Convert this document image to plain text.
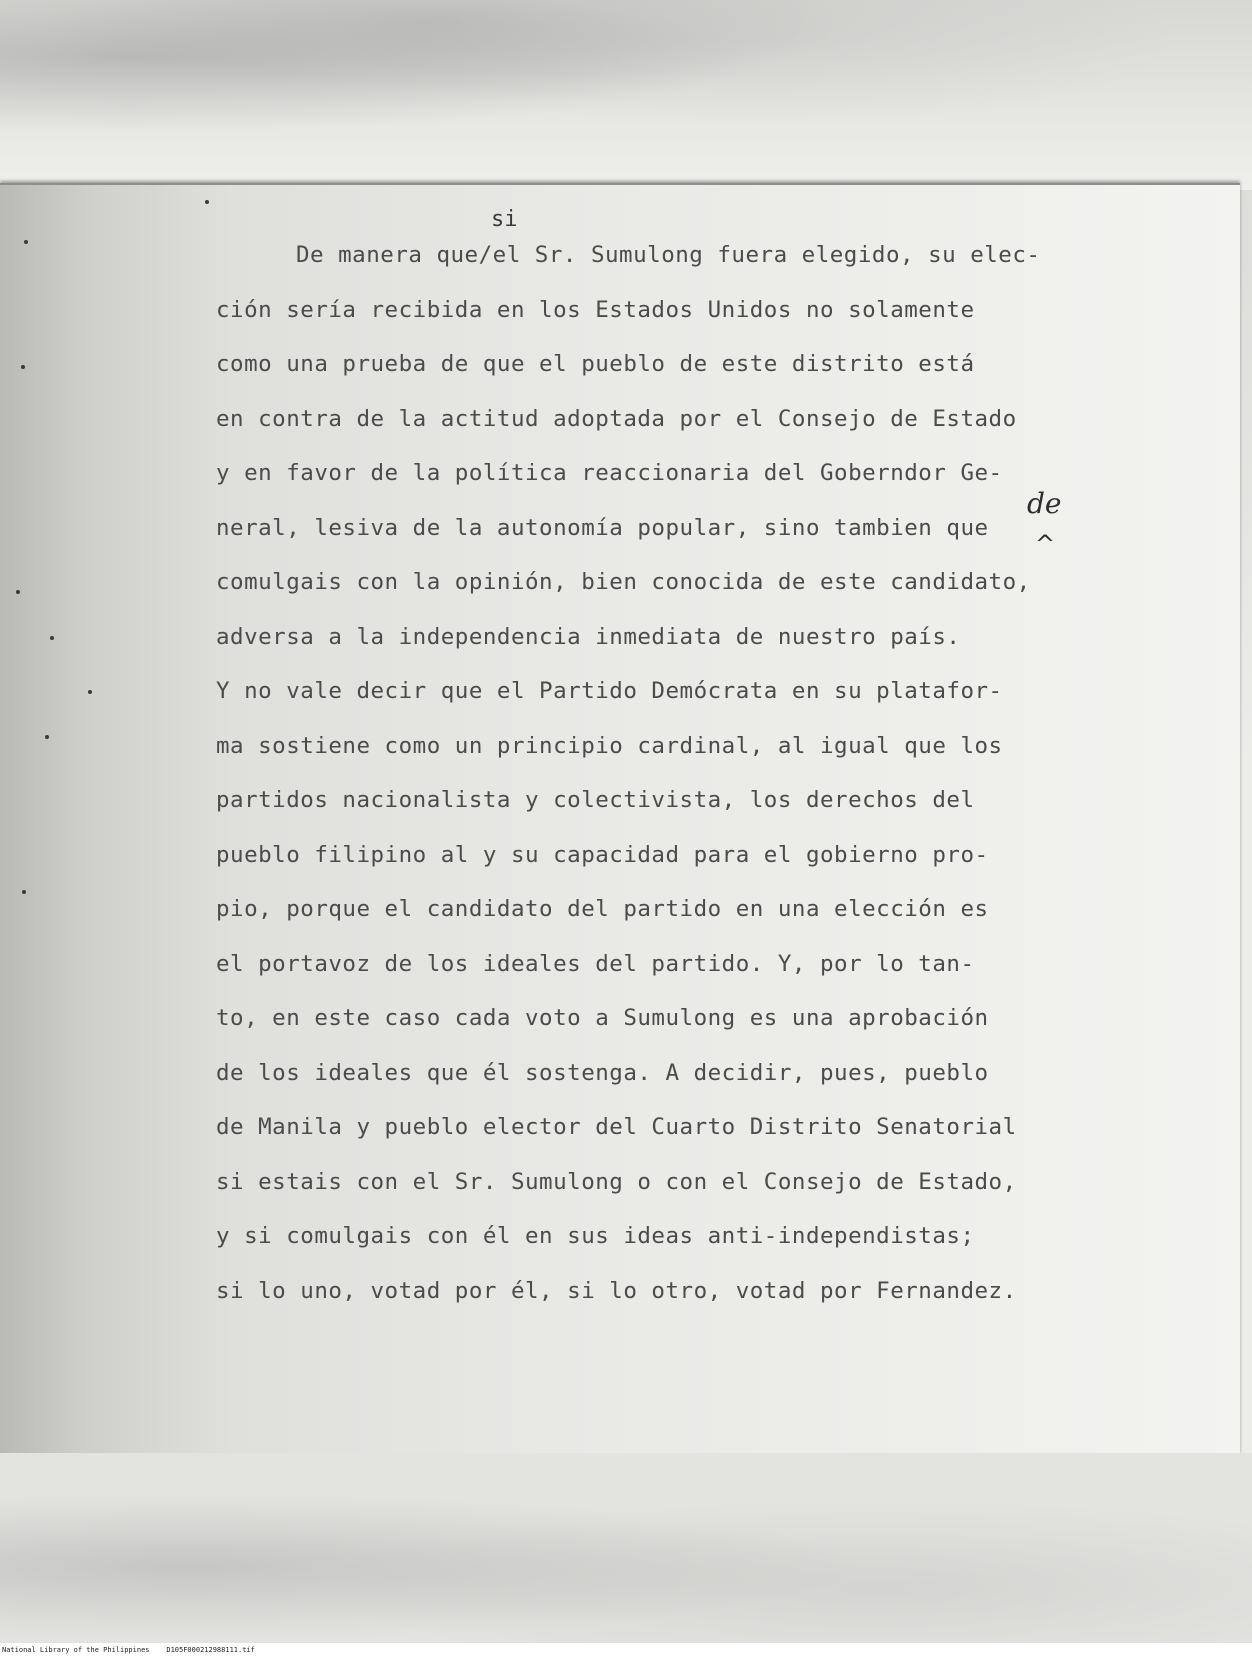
si
De manera que/el Sr. Sumulong fuera elegido, su elec-
ción sería recibida en los Estados Unidos no solamente
como una prueba de que el pueblo de este distrito está
en contra de la actitud adoptada por el Consejo de Estado
y en favor de la política reaccionaria del Goberndor Ge-
neral, lesiva de la autonomía popular, sino tambien que
comulgais con la opinión, bien conocida de este candidato,
adversa a la independencia inmediata de nuestro país.
Y no vale decir que el Partido Demócrata en su platafor-
ma sostiene como un principio cardinal, al igual que los
partidos nacionalista y colectivista, los derechos del
pueblo filipino al y su capacidad para el gobierno pro-
pio, porque el candidato del partido en una elección es
el portavoz de los ideales del partido. Y, por lo tan-
to, en este caso cada voto a Sumulong es una aprobación
de los ideales que él sostenga. A decidir, pues, pueblo
de Manila y pueblo elector del Cuarto Distrito Senatorial
si estais con el Sr. Sumulong o con el Consejo de Estado,
y si comulgais con él en sus ideas anti-independistas;
si lo uno, votad por él, si lo otro, votad por Fernandez.
de
^
National Library of the Philippines    D105F000212988111.tif
